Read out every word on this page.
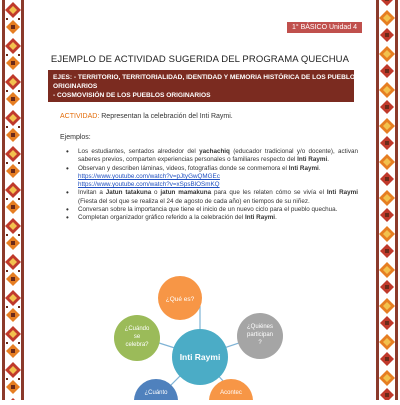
1° BÁSICO Unidad 4
EJEMPLO DE ACTIVIDAD SUGERIDA DEL PROGRAMA QUECHUA
EJES: - TERRITORIO, TERRITORIALIDAD, IDENTIDAD Y MEMORIA HISTÓRICA DE LOS PUEBLOS
ORIGINARIOS
- COSMOVISIÓN DE LOS PUEBLOS ORIGINARIOS
ACTIVIDAD: Representan la celebración del Inti Raymi.
Ejemplos:
• Los estudiantes, sentados alrededor del yachachiq (educador tradicional y/o docente), activan saberes previos, comparten experiencias personales o familiares respecto del Inti Raymi.
• Observan y describen láminas, videos, fotografías donde se conmemora el Inti Raymi.
https://www.youtube.com/watch?v=pJtyGwQMGEc
https://www.youtube.com/watch?v=xSpsBlOSmKQ
• Invitan a Jatun tatakuna o jatun mamakuna para que les relaten cómo se vivía el Inti Raymi (Fiesta del sol que se realiza el 24 de agosto de cada año) en tiempos de su niñez.
• Conversan sobre la importancia que tiene el inicio de un nuevo ciclo para el pueblo quechua.
• Completan organizador gráfico referido a la celebración del Inti Raymi.
¿Qué es?
¿Cuándo
se
celebra?
¿Quiénes
participan
?
Inti Raymi
¿Cuánto	Acontec
